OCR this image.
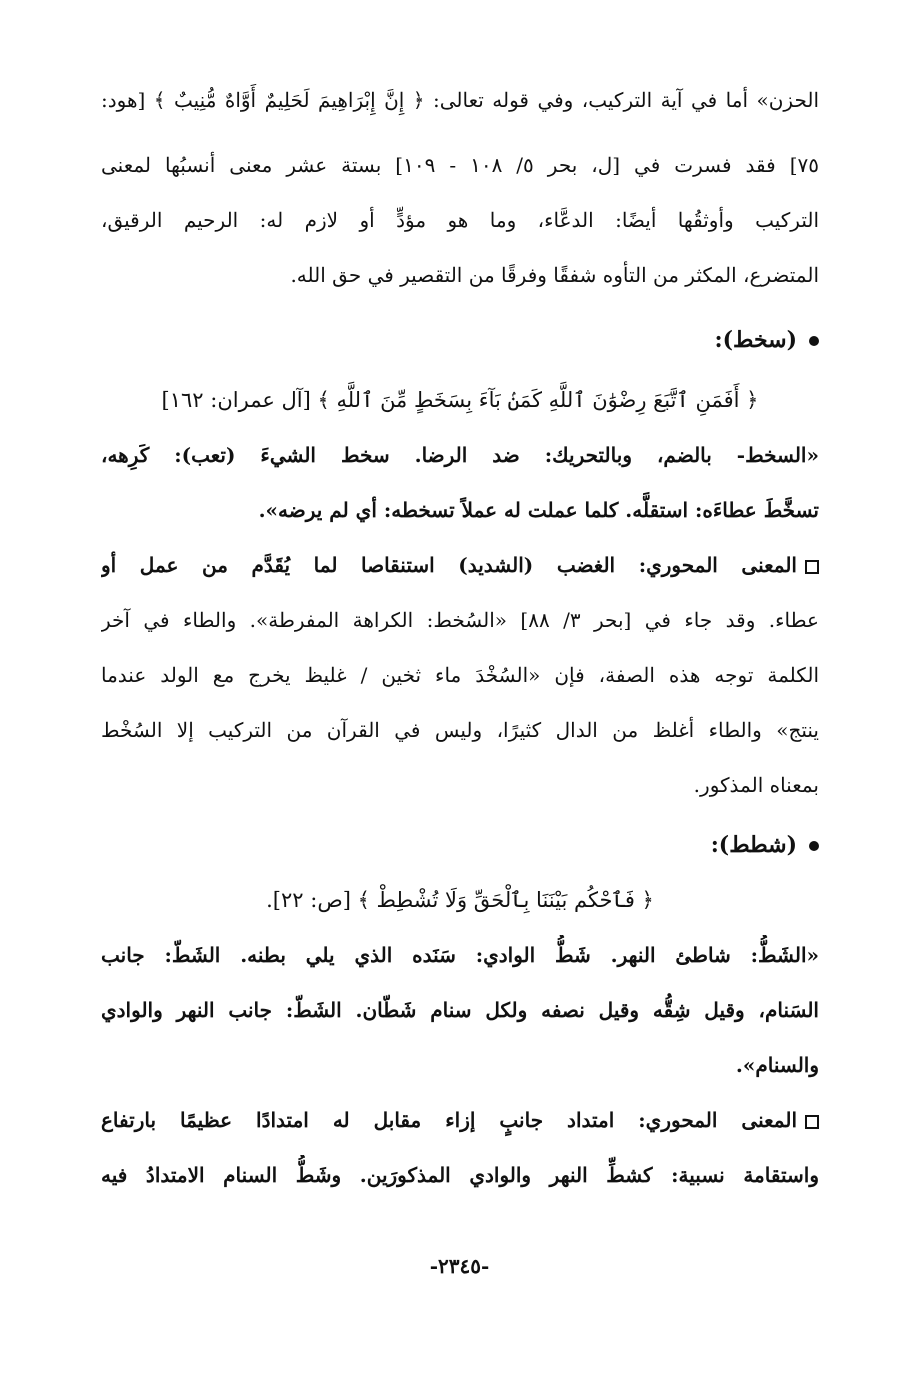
الحزن» أما في آية التركيب، وفي قوله تعالى: ﴿ إِنَّ إِبْرَاهِيمَ لَحَلِيمٌ أَوَّاهٌ مُّنِيبٌ ﴾ [هود:
٧٥] فقد فسرت في [ل، بحر ٥/ ١٠٨ - ١٠٩] بستة عشر معنى أنسبُها لمعنى
التركيب وأوثقُها أيضًا: الدعَّاء، وما هو مؤدٍّ أو لازم له: الرحيم الرقيق،
المتضرع، المكثر من التأوه شفقًا وفرقًا من التقصير في حق الله.
(سخط):
﴿ أَفَمَنِ ٱتَّبَعَ رِضْوَٰنَ ٱللَّهِ كَمَنۢ بَآءَ بِسَخَطٍ مِّنَ ٱللَّهِ ﴾ [آل عمران: ١٦٢]
«السخط- بالضم، وبالتحريك: ضد الرضا. سخط الشيءَ (تعب): كَرِهه،
تسخَّطَ عطاءَه: استقلَّه. كلما عملت له عملاً تسخطه: أي لم يرضه».
المعنى المحوري: الغضب (الشديد) استنقاصا لما يُقَدَّم من عمل أو
عطاء. وقد جاء في [بحر ٣/ ٨٨] «السُخط: الكراهة المفرطة». والطاء في آخر
الكلمة توجه هذه الصفة، فإن «السُخْدَ ماء ثخين / غليظ يخرج مع الولد عندما
ينتج» والطاء أغلظ من الدال كثيرًا، وليس في القرآن من التركيب إلا السُخْط
بمعناه المذكور.
(شطط):
﴿ فَٱحْكُم بَيْنَنَا بِٱلْحَقِّ وَلَا تُشْطِطْ ﴾ [ص: ٢٢].
«الشَطُّ: شاطئ النهر. شَطُّ الوادي: سَنَده الذي يلي بطنه. الشَطّ: جانب
السَنام، وقيل شِقُّه وقيل نصفه ولكل سنام شَطّان. الشَطّ: جانب النهر والوادي
والسنام».
المعنى المحوري: امتداد جانبٍ إزاء مقابل له امتدادًا عظيمًا بارتفاع
واستقامة نسبية: كشطِّ النهر والوادي المذكورَين. وشَطُّ السنام الامتدادُ فيه
-٢٣٤٥-
